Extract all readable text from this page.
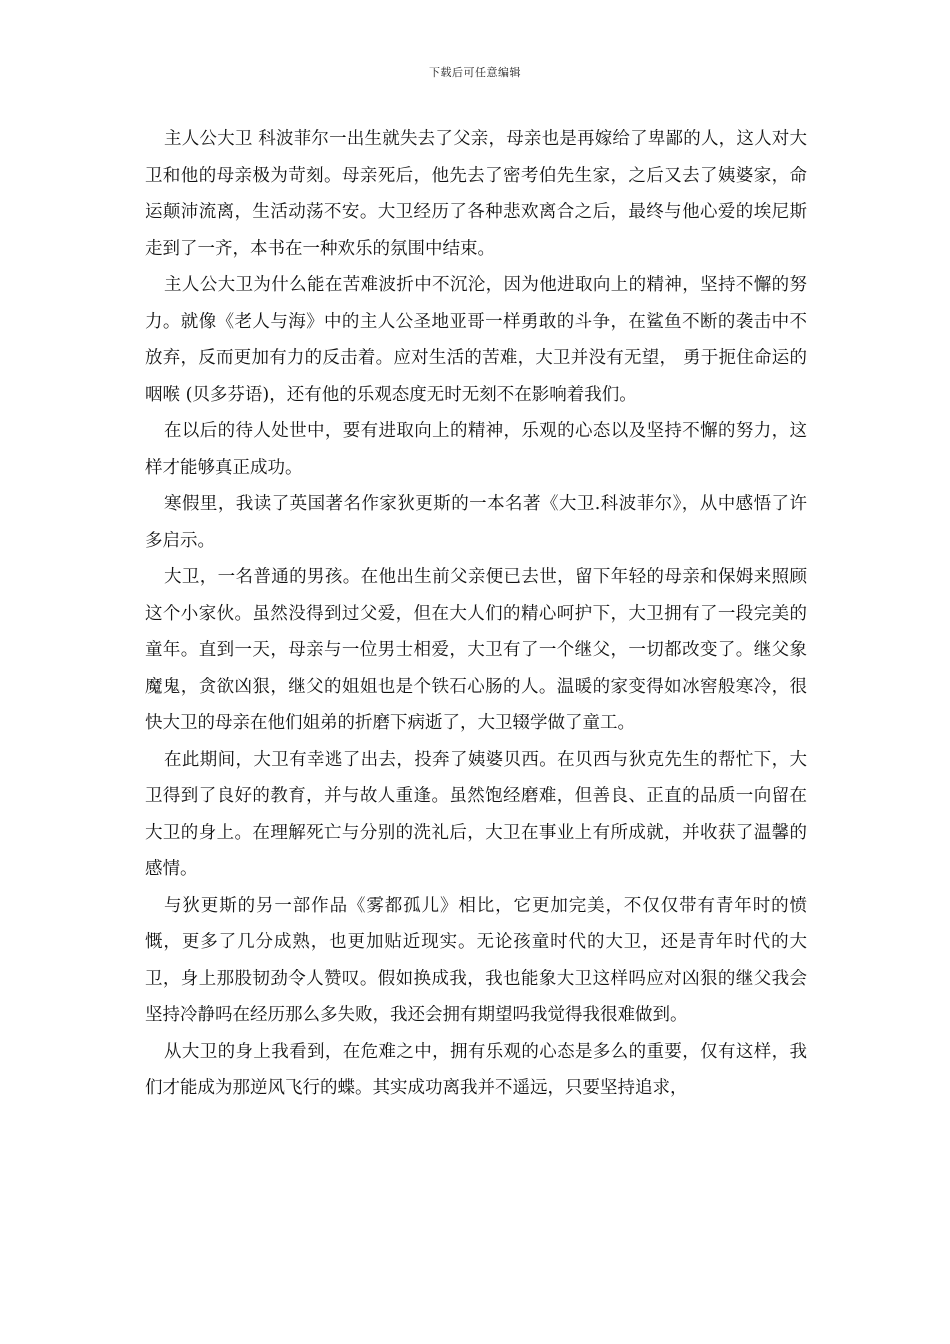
下载后可任意编辑

主人公大卫 科波菲尔一出生就失去了父亲，母亲也是再嫁给了卑鄙的人，这人对大卫和他的母亲极为苛刻。母亲死后，他先去了密考伯先生家，之后又去了姨婆家，命运颠沛流离，生活动荡不安。大卫经历了各种悲欢离合之后，最终与他心爱的埃尼斯走到了一齐，本书在一种欢乐的氛围中结束。

主人公大卫为什么能在苦难波折中不沉沦，因为他进取向上的精神，坚持不懈的努力。就像《老人与海》中的主人公圣地亚哥一样勇敢的斗争，在鲨鱼不断的袭击中不放弃，反而更加有力的反击着。应对生活的苦难，大卫并没有无望， 勇于扼住命运的咽喉 (贝多芬语)，还有他的乐观态度无时无刻不在影响着我们。

在以后的待人处世中，要有进取向上的精神，乐观的心态以及坚持不懈的努力，这样才能够真正成功。

寒假里，我读了英国著名作家狄更斯的一本名著《大卫.科波菲尔》，从中感悟了许多启示。

大卫，一名普通的男孩。在他出生前父亲便已去世，留下年轻的母亲和保姆来照顾这个小家伙。虽然没得到过父爱，但在大人们的精心呵护下，大卫拥有了一段完美的童年。直到一天，母亲与一位男士相爱，大卫有了一个继父，一切都改变了。继父象魔鬼，贪欲凶狠，继父的姐姐也是个铁石心肠的人。温暖的家变得如冰窖般寒冷，很快大卫的母亲在他们姐弟的折磨下病逝了，大卫辍学做了童工。

在此期间，大卫有幸逃了出去，投奔了姨婆贝西。在贝西与狄克先生的帮忙下，大卫得到了良好的教育，并与故人重逢。虽然饱经磨难，但善良、正直的品质一向留在大卫的身上。在理解死亡与分别的洗礼后，大卫在事业上有所成就，并收获了温馨的感情。

与狄更斯的另一部作品《雾都孤儿》相比，它更加完美，不仅仅带有青年时的愤慨，更多了几分成熟，也更加贴近现实。无论孩童时代的大卫，还是青年时代的大卫，身上那股韧劲令人赞叹。假如换成我，我也能象大卫这样吗应对凶狠的继父我会坚持冷静吗在经历那么多失败，我还会拥有期望吗我觉得我很难做到。

从大卫的身上我看到，在危难之中，拥有乐观的心态是多么的重要，仅有这样，我们才能成为那逆风飞行的蝶。其实成功离我并不遥远，只要坚持追求，
